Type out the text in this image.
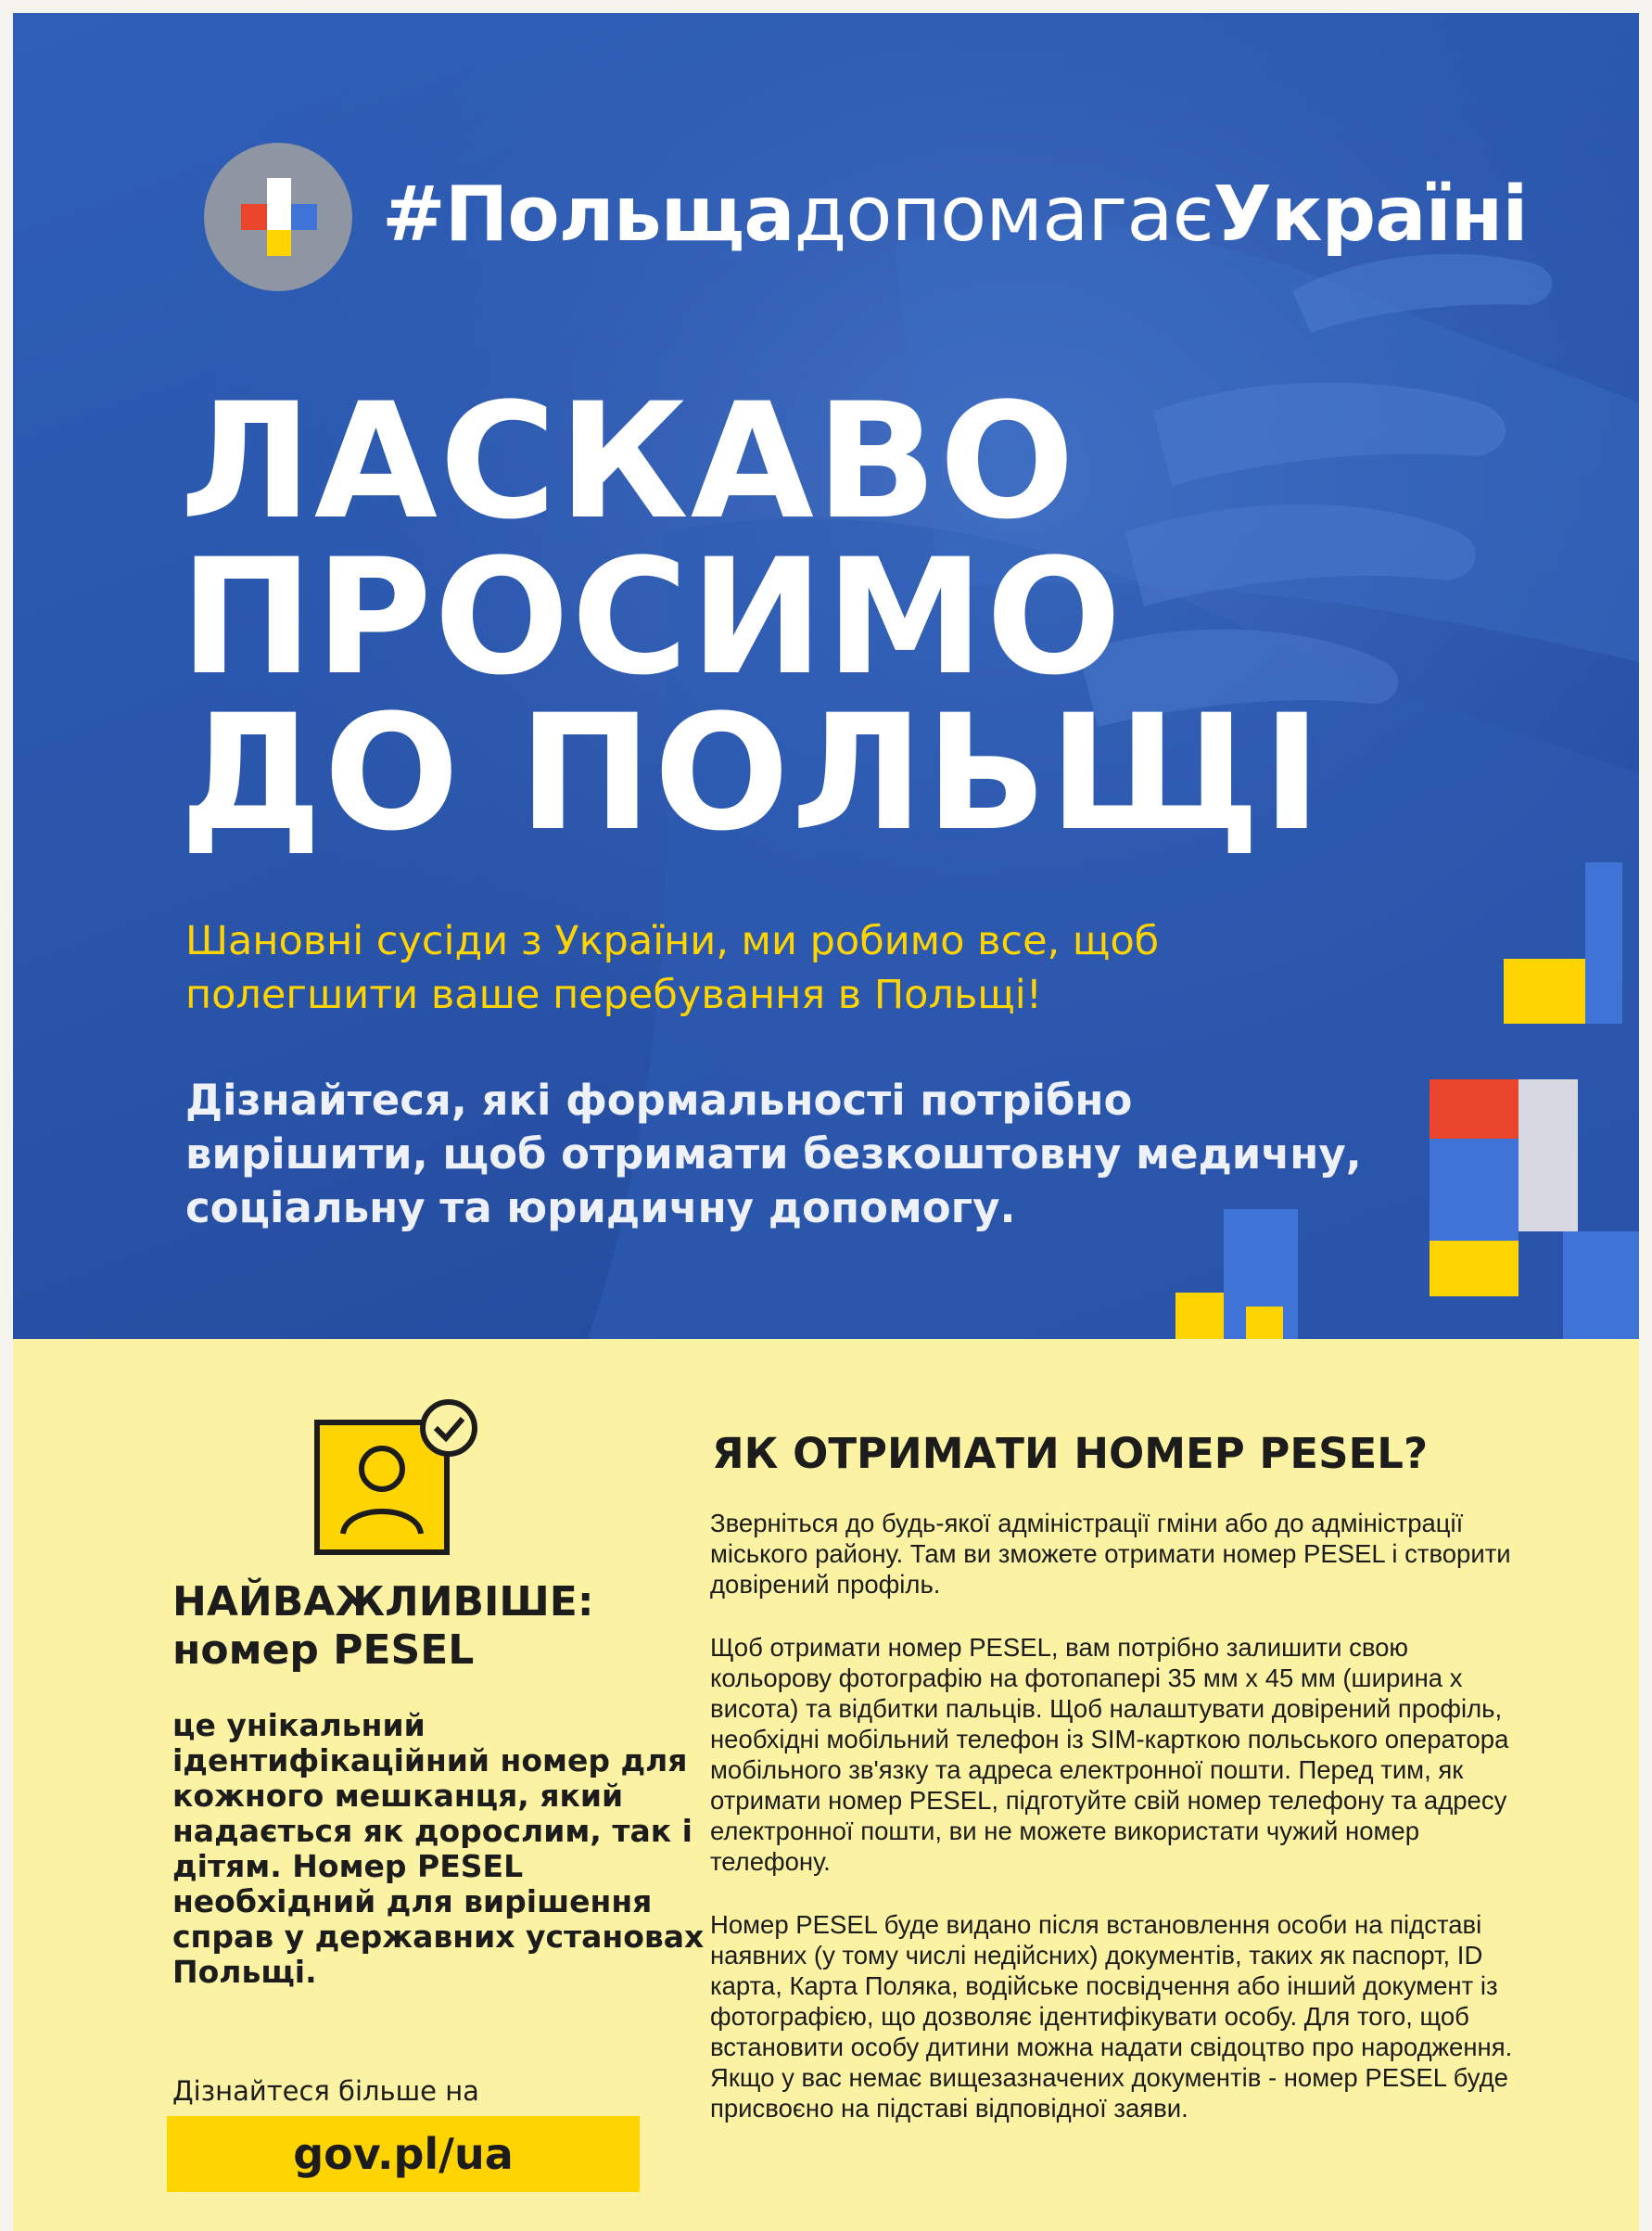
#ПольщадопомагаєУкраїні
ЛАСКАВО
ПРОСИМО
ДО ПОЛЬЩІ

Шановні сусіди з України, ми робимо все, щоб полегшити ваше перебування в Польщі!

Дізнайтеся, які формальності потрібно вирішити, щоб отримати безкоштовну медичну, соціальну та юридичну допомогу.

НАЙВАЖЛИВІШЕ:
номер PESEL

це унікальний ідентифікаційний номер для кожного мешканця, який надається як дорослим, так і дітям. Номер PESEL необхідний для вирішення справ у державних установах Польщі.

Дізнайтеся більше на

gov.pl/ua
ЯК ОТРИМАТИ НОМЕР PESEL?

Зверніться до будь-якої адміністрації гміни або до адміністрації міського району. Там ви зможете отримати номер PESEL і створити довірений профіль.

Щоб отримати номер PESEL, вам потрібно залишити свою кольорову фотографію на фотопапері 35 мм х 45 мм (ширина х висота) та відбитки пальців. Щоб налаштувати довірений профіль, необхідні мобільний телефон із SIM-карткою польського оператора мобільного зв'язку та адреса електронної пошти. Перед тим, як отримати номер PESEL, підготуйте свій номер телефону та адресу електронної пошти, ви не можете використати чужий номер телефону.

Номер PESEL буде видано після встановлення особи на підставі наявних (у тому числі недійсних) документів, таких як паспорт, ID карта, Карта Поляка, водійське посвідчення або інший документ із фотографією, що дозволяє ідентифікувати особу. Для того, щоб встановити особу дитини можна надати свідоцтво про народження. Якщо у вас немає вищезазначених документів - номер PESEL буде присвоєно на підставі відповідної заяви.
